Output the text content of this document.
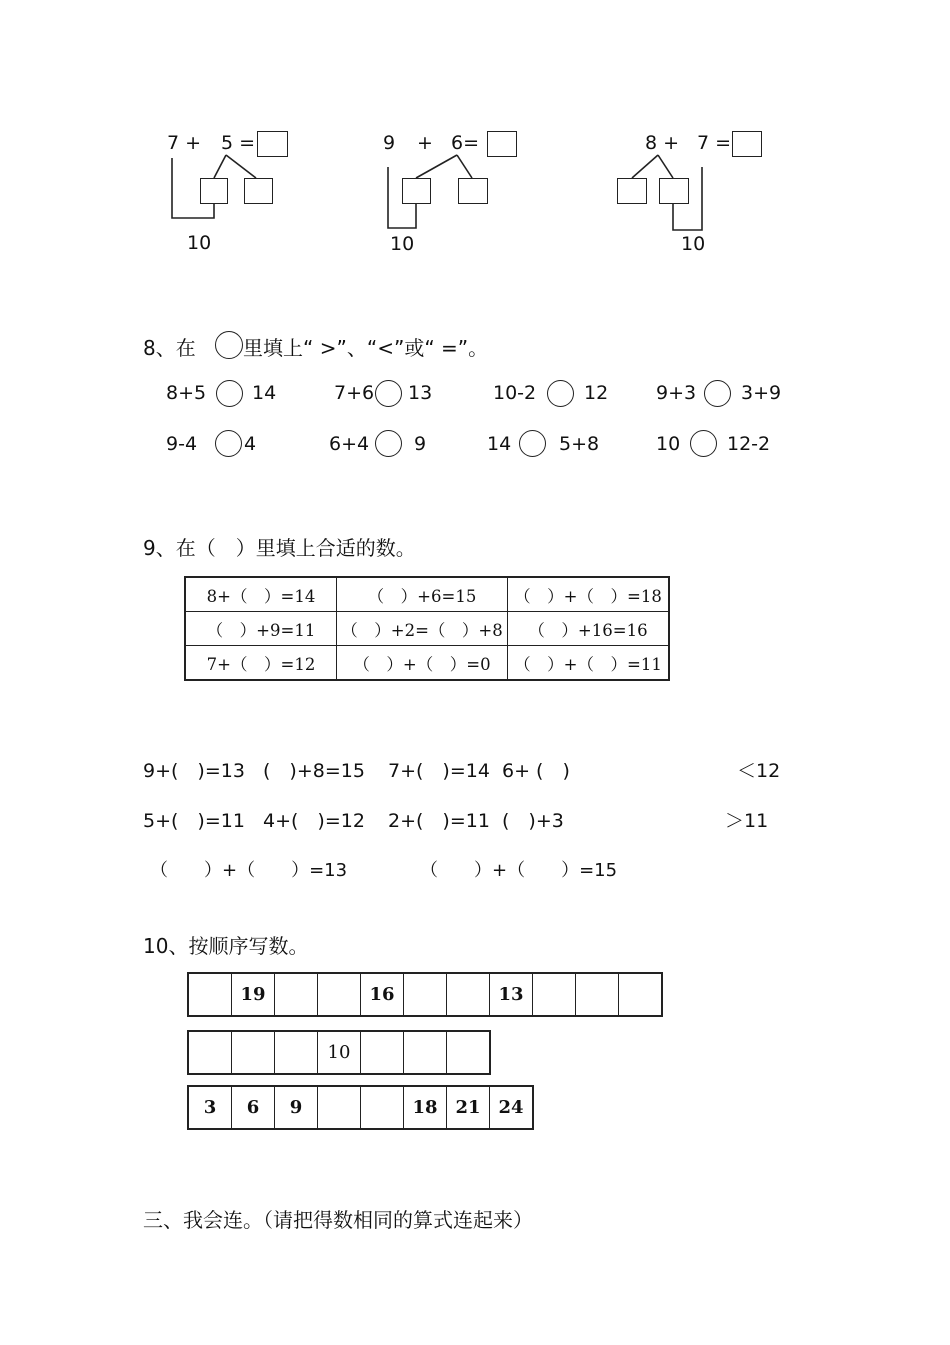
7 + 5 =
10
9 + 6=
10
8 + 7 =
10
8、在 里填上“ >”、“<”或“ =”。
8+5 14	7+6 13	10-2	12	9+3 3+9
9-4 4	6+4 9	14	5+8	10 12-2
9、在（　）里填上合适的数。
8+（　）=14	（　）+6=15	（　）+（　）=18
（　）+9=11	（　）+2=（　）+8	（　）+16=16
7+（　）=12	（　）+（　）=0	（　）+（　）=11
9+(　)=13 (　)+8=15 7+(　)=14 6+ (　)	＜12
5+(　)=11 4+(　)=12 2+(　)=11 (　)+3	＞11
（　　）+（　　）=13	（　　）+（　　）=15
10、按顺序写数。
	19			16			13			
			10			
3	6	9			18	21	24
三、我会连。（请把得数相同的算式连起来）
